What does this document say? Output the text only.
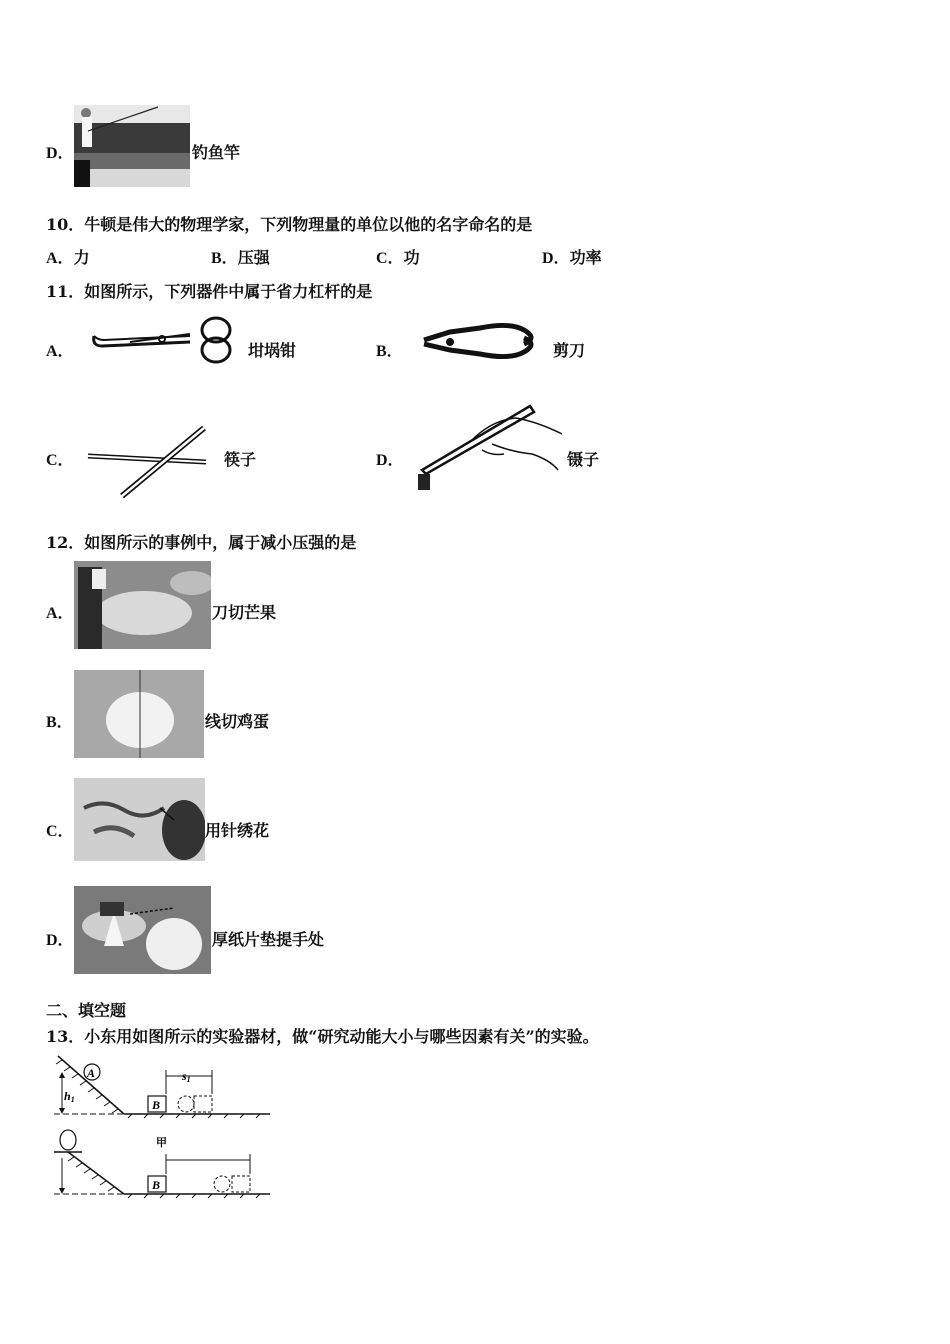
D．	钓鱼竿
10．牛顿是伟大的物理学家，下列物理量的单位以他的名字命名的是
A．力	B．压强	C．功	D．功率
11．如图所示，下列器件中属于省力杠杆的是
A．	坩埚钳	B．	剪刀
C．	筷子	D．	镊子
12．如图所示的事例中，属于减小压强的是
A．	刀切芒果
B．	线切鸡蛋
C．	用针绣花
D．	厚纸片垫提手处
二、填空题
13．小东用如图所示的实验器材，做“研究动能大小与哪些因素有关”的实验。
A
h1	B
s1
甲
B
